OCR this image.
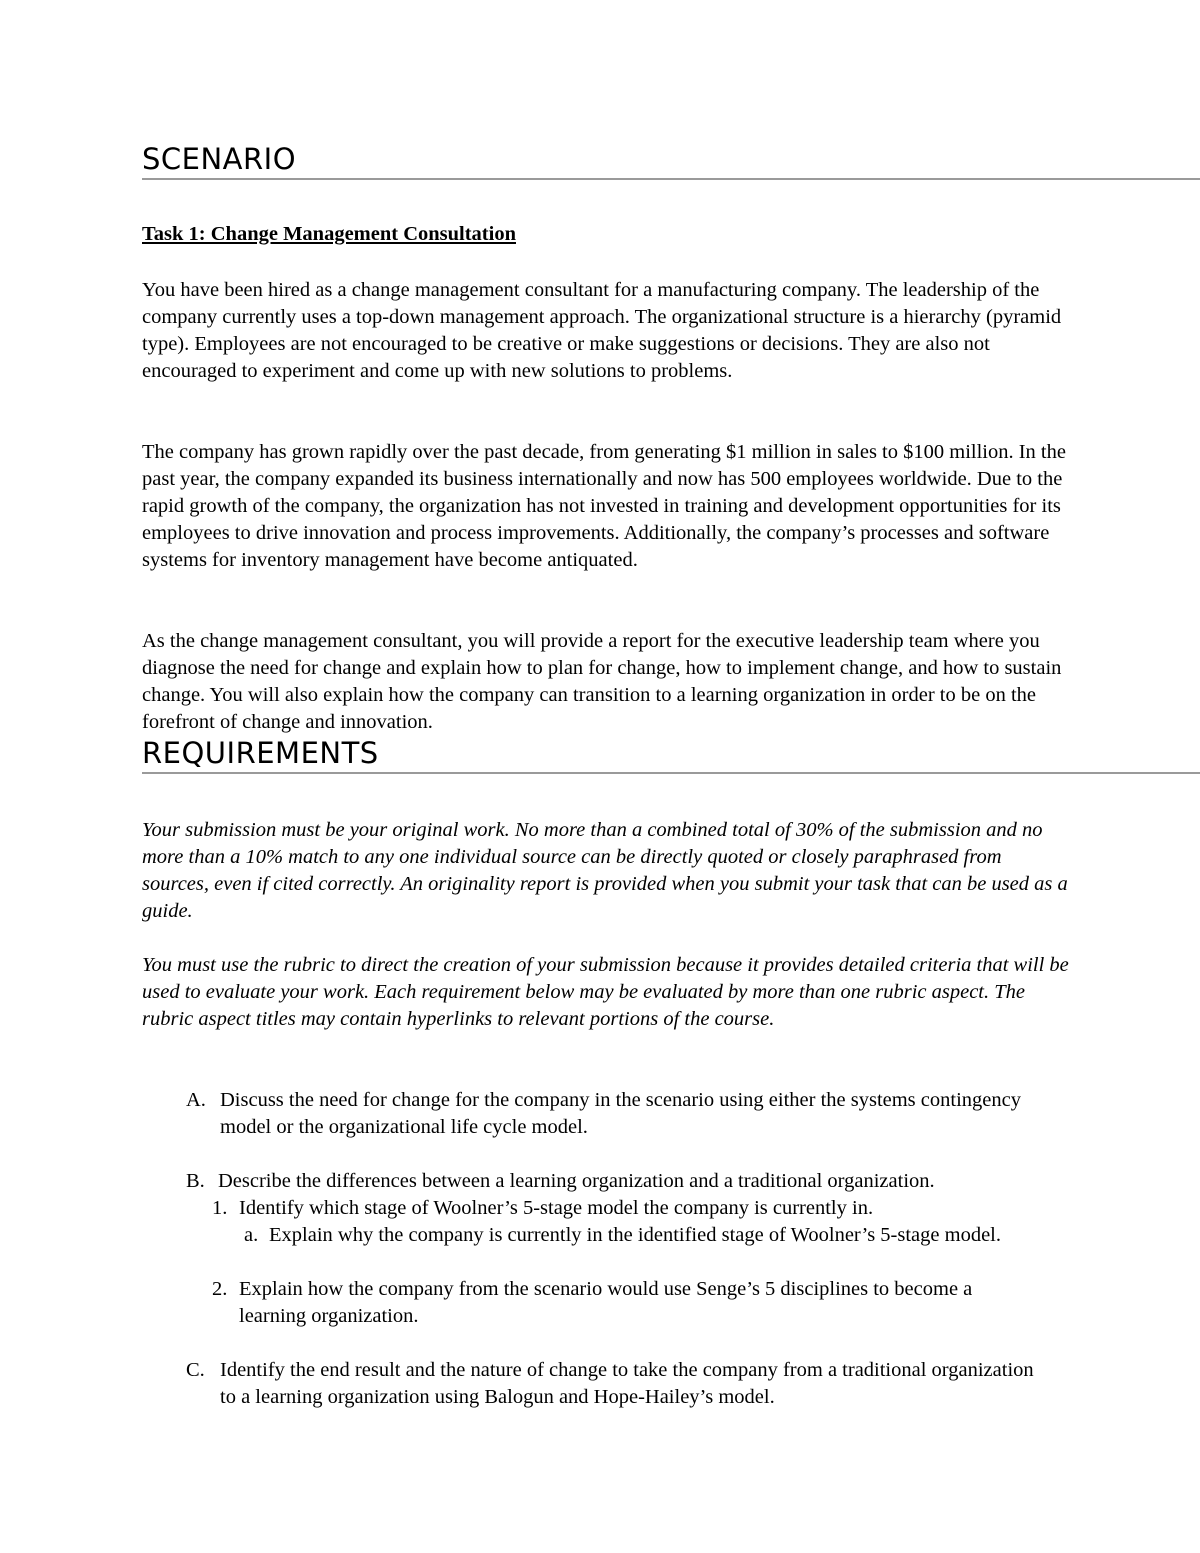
SCENARIO

Task 1: Change Management Consultation

You have been hired as a change management consultant for a manufacturing company. The leadership of the company currently uses a top-down management approach. The organizational structure is a hierarchy (pyramid type). Employees are not encouraged to be creative or make suggestions or decisions. They are also not encouraged to experiment and come up with new solutions to problems.

The company has grown rapidly over the past decade, from generating $1 million in sales to $100 million. In the past year, the company expanded its business internationally and now has 500 employees worldwide. Due to the rapid growth of the company, the organization has not invested in training and development opportunities for its employees to drive innovation and process improvements. Additionally, the company’s processes and software systems for inventory management have become antiquated.

As the change management consultant, you will provide a report for the executive leadership team where you diagnose the need for change and explain how to plan for change, how to implement change, and how to sustain change. You will also explain how the company can transition to a learning organization in order to be on the forefront of change and innovation.

REQUIREMENTS

Your submission must be your original work. No more than a combined total of 30% of the submission and no more than a 10% match to any one individual source can be directly quoted or closely paraphrased from sources, even if cited correctly. An originality report is provided when you submit your task that can be used as a guide.

You must use the rubric to direct the creation of your submission because it provides detailed criteria that will be used to evaluate your work. Each requirement below may be evaluated by more than one rubric aspect. The rubric aspect titles may contain hyperlinks to relevant portions of the course.

A. Discuss the need for change for the company in the scenario using either the systems contingency model or the organizational life cycle model.
B. Describe the differences between a learning organization and a traditional organization.
1. Identify which stage of Woolner’s 5-stage model the company is currently in.
a. Explain why the company is currently in the identified stage of Woolner’s 5-stage model.
2. Explain how the company from the scenario would use Senge’s 5 disciplines to become a learning organization.
C. Identify the end result and the nature of change to take the company from a traditional organization to a learning organization using Balogun and Hope-Hailey’s model.
